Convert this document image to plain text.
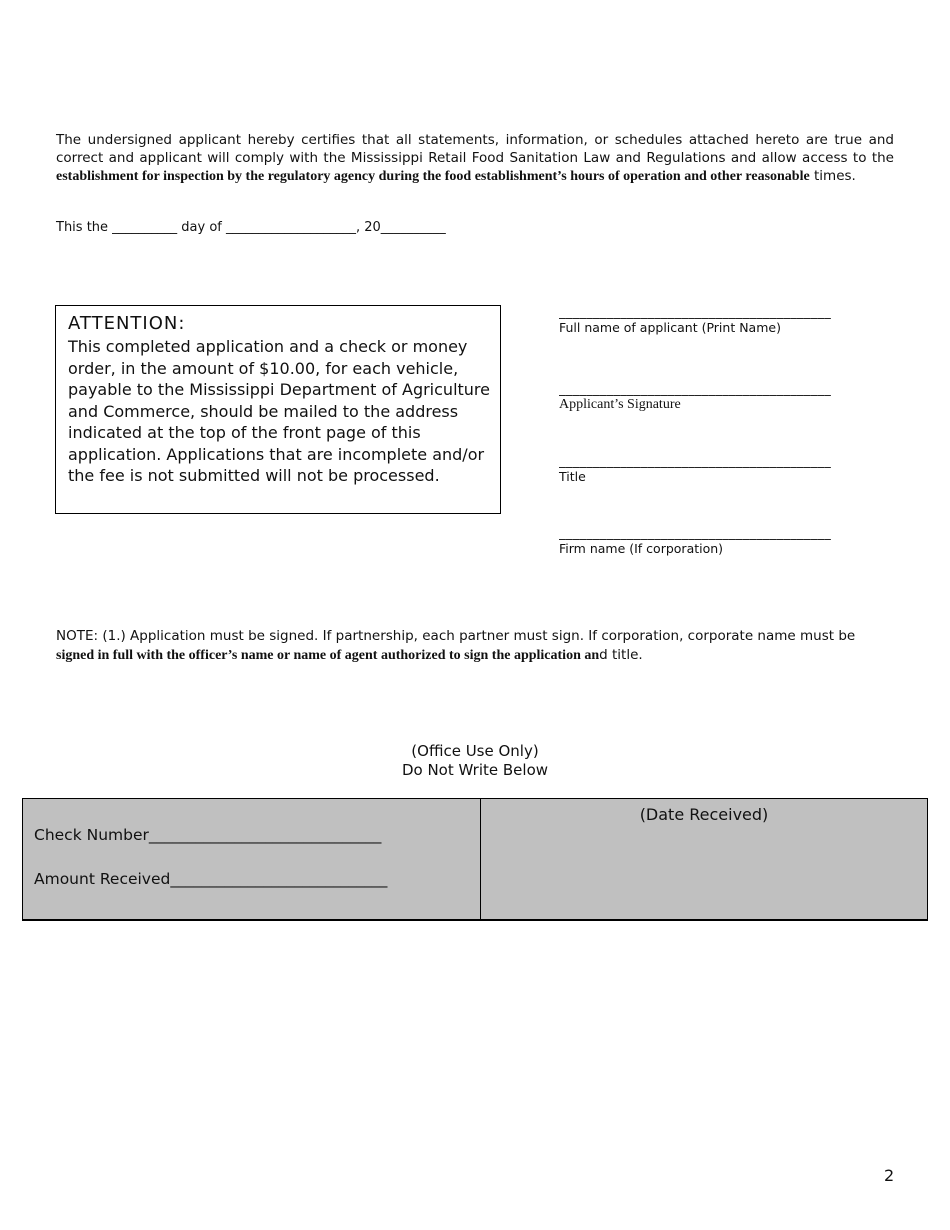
The undersigned applicant hereby certifies that all statements, information, or schedules attached hereto are true and correct and applicant will comply with the Mississippi Retail Food Sanitation Law and Regulations and allow access to the establishment for inspection by the regulatory agency during the food establishment’s hours of operation and other reasonable times.
This the __________ day of ____________________, 20__________
ATTENTION:
This completed application and a check or money order, in the amount of $10.00, for each vehicle, payable to the Mississippi Department of Agriculture and Commerce, should be mailed to the address indicated at the top of the front page of this application. Applications that are incomplete and/or the fee is not submitted will not be processed.
________________________________________
Full name of applicant (Print Name)
________________________________________
Applicant’s Signature
________________________________________
Title
________________________________________
Firm name (If corporation)
NOTE: (1.) Application must be signed. If partnership, each partner must sign. If corporation, corporate name must be signed in full with the officer’s name or name of agent authorized to sign the application and title.
(Office Use Only)
Do Not Write Below
Check Number______________________________
Amount Received____________________________
(Date Received)
2
